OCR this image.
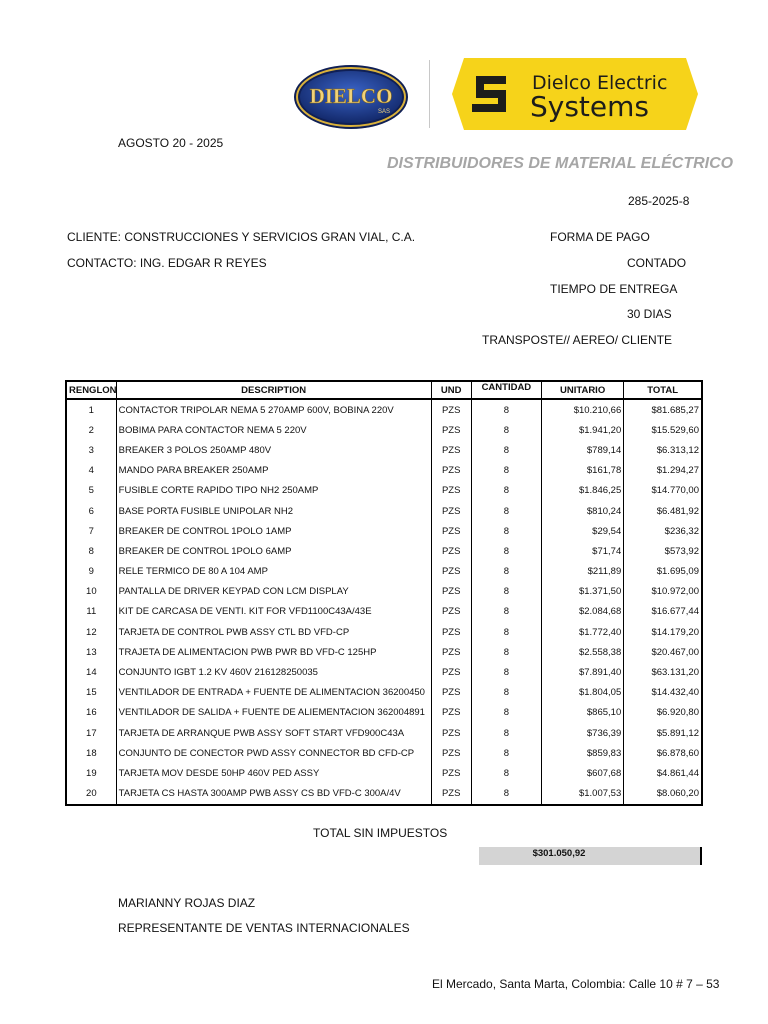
DIELCO
SAS
Dielco Electric
Systems
AGOSTO 20 - 2025
DISTRIBUIDORES DE MATERIAL ELÉCTRICO
285-2025-8
CLIENTE: CONSTRUCCIONES Y SERVICIOS GRAN VIAL, C.A.
CONTACTO: ING. EDGAR R REYES
FORMA DE PAGO
CONTADO
TIEMPO DE ENTREGA
30 DIAS
TRANSPOSTE// AEREO/ CLIENTE
RENGLON	DESCRIPTION	UND	CANTIDAD	UNITARIO	TOTAL
1	CONTACTOR TRIPOLAR NEMA 5 270AMP 600V, BOBINA 220V	PZS	8	$10.210,66	$81.685,27
2	BOBIMA PARA CONTACTOR NEMA 5 220V	PZS	8	$1.941,20	$15.529,60
3	BREAKER 3 POLOS 250AMP 480V	PZS	8	$789,14	$6.313,12
4	MANDO PARA BREAKER 250AMP	PZS	8	$161,78	$1.294,27
5	FUSIBLE CORTE RAPIDO TIPO NH2 250AMP	PZS	8	$1.846,25	$14.770,00
6	BASE PORTA FUSIBLE UNIPOLAR NH2	PZS	8	$810,24	$6.481,92
7	BREAKER DE CONTROL 1POLO 1AMP	PZS	8	$29,54	$236,32
8	BREAKER DE CONTROL 1POLO 6AMP	PZS	8	$71,74	$573,92
9	RELE TERMICO DE 80 A 104 AMP	PZS	8	$211,89	$1.695,09
10	PANTALLA DE DRIVER KEYPAD CON LCM DISPLAY	PZS	8	$1.371,50	$10.972,00
11	KIT DE CARCASA DE VENTI. KIT FOR VFD1100C43A/43E	PZS	8	$2.084,68	$16.677,44
12	TARJETA DE CONTROL PWB ASSY CTL BD VFD-CP	PZS	8	$1.772,40	$14.179,20
13	TRAJETA DE ALIMENTACION PWB PWR BD VFD-C 125HP	PZS	8	$2.558,38	$20.467,00
14	CONJUNTO IGBT 1.2 KV 460V 216128250035	PZS	8	$7.891,40	$63.131,20
15	VENTILADOR DE ENTRADA + FUENTE DE ALIMENTACION 36200450	PZS	8	$1.804,05	$14.432,40
16	VENTILADOR DE SALIDA + FUENTE DE ALIEMENTACION 362004891	PZS	8	$865,10	$6.920,80
17	TARJETA DE ARRANQUE PWB ASSY SOFT START VFD900C43A	PZS	8	$736,39	$5.891,12
18	CONJUNTO DE CONECTOR PWD ASSY CONNECTOR BD CFD-CP	PZS	8	$859,83	$6.878,60
19	TARJETA MOV DESDE 50HP 460V PED ASSY	PZS	8	$607,68	$4.861,44
20	TARJETA CS HASTA 300AMP PWB ASSY CS BD VFD-C 300A/4V	PZS	8	$1.007,53	$8.060,20
TOTAL SIN IMPUESTOS
$301.050,92
MARIANNY ROJAS DIAZ
REPRESENTANTE DE VENTAS INTERNACIONALES
El Mercado, Santa Marta, Colombia: Calle 10 # 7 – 53
